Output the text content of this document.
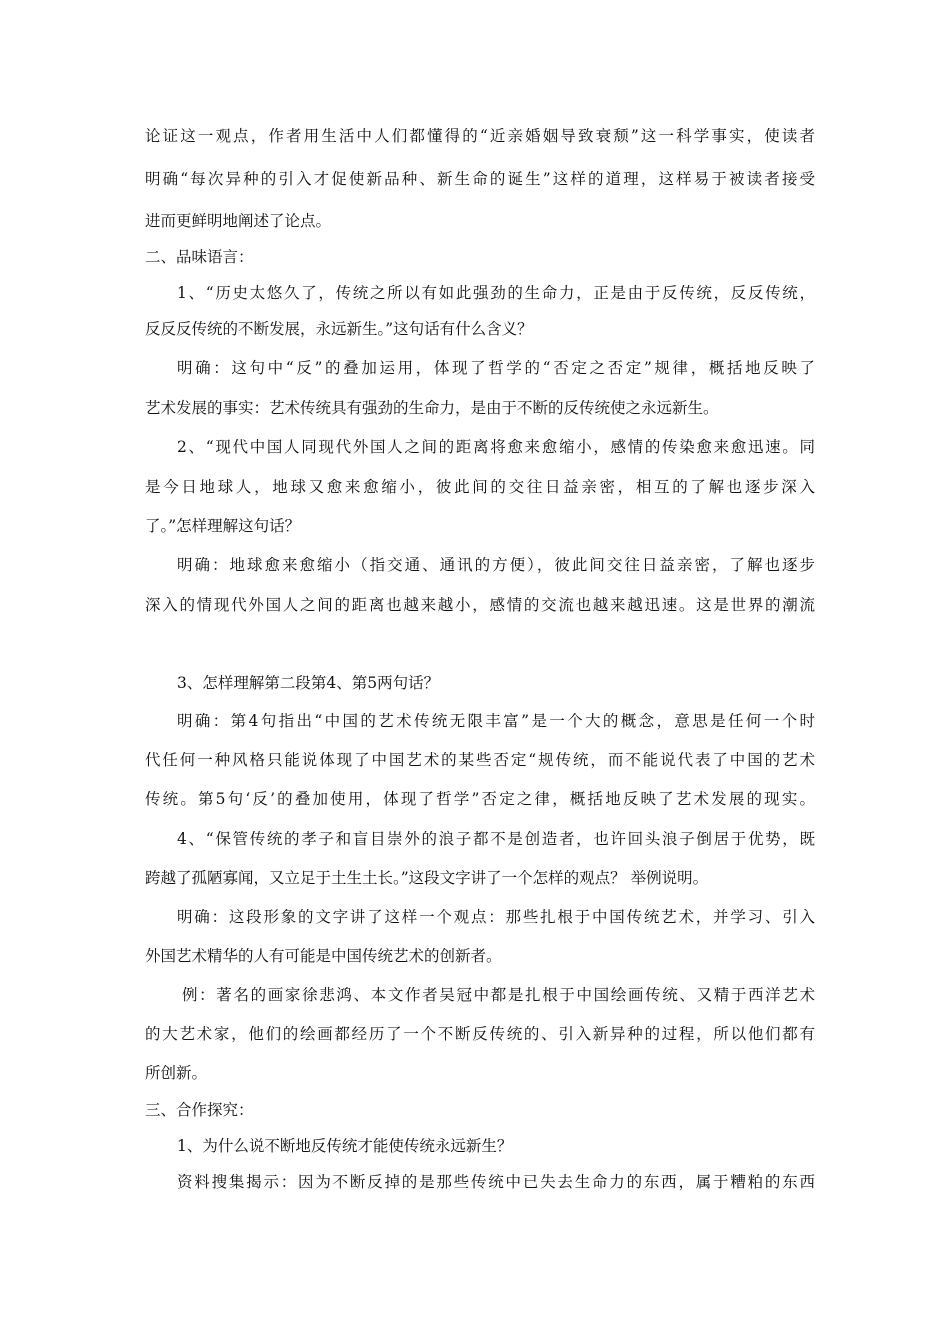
论证这一观点，作者用生活中人们都懂得的“近亲婚姻导致衰颓”这一科学事实，使读者
明确“每次异种的引入才促使新品种、新生命的诞生”这样的道理，这样易于被读者接受
进而更鲜明地阐述了论点。
二、品味语言：
1、“历史太悠久了，传统之所以有如此强劲的生命力，正是由于反传统，反反传统，
反反反传统的不断发展，永远新生。”这句话有什么含义？
明确：这句中“反”的叠加运用，体现了哲学的“否定之否定”规律，概括地反映了
艺术发展的事实：艺术传统具有强劲的生命力，是由于不断的反传统使之永远新生。
2、“现代中国人同现代外国人之间的距离将愈来愈缩小，感情的传染愈来愈迅速。同
是今日地球人，地球又愈来愈缩小，彼此间的交往日益亲密，相互的了解也逐步深入
了。”怎样理解这句话？
明确：地球愈来愈缩小（指交通、通讯的方便），彼此间交往日益亲密，了解也逐步
深入的情现代外国人之间的距离也越来越小，感情的交流也越来越迅速。这是世界的潮流
3、怎样理解第二段第4、第5两句话？
明确：第4句指出“中国的艺术传统无限丰富”是一个大的概念，意思是任何一个时
代任何一种风格只能说体现了中国艺术的某些否定“规传统，而不能说代表了中国的艺术
传统。第5句‘反’的叠加使用，体现了哲学”否定之律，概括地反映了艺术发展的现实。
4、“保管传统的孝子和盲目崇外的浪子都不是创造者，也许回头浪子倒居于优势，既
跨越了孤陋寡闻，又立足于土生土长。”这段文字讲了一个怎样的观点？ 举例说明。
明确：这段形象的文字讲了这样一个观点：那些扎根于中国传统艺术，并学习、引入
外国艺术精华的人有可能是中国传统艺术的创新者。
例：著名的画家徐悲鸿、本文作者吴冠中都是扎根于中国绘画传统、又精于西洋艺术
的大艺术家，他们的绘画都经历了一个不断反传统的、引入新异种的过程，所以他们都有
所创新。
三、合作探究：
1、为什么说不断地反传统才能使传统永远新生？
资料搜集揭示：因为不断反掉的是那些传统中已失去生命力的东西，属于糟粕的东西
